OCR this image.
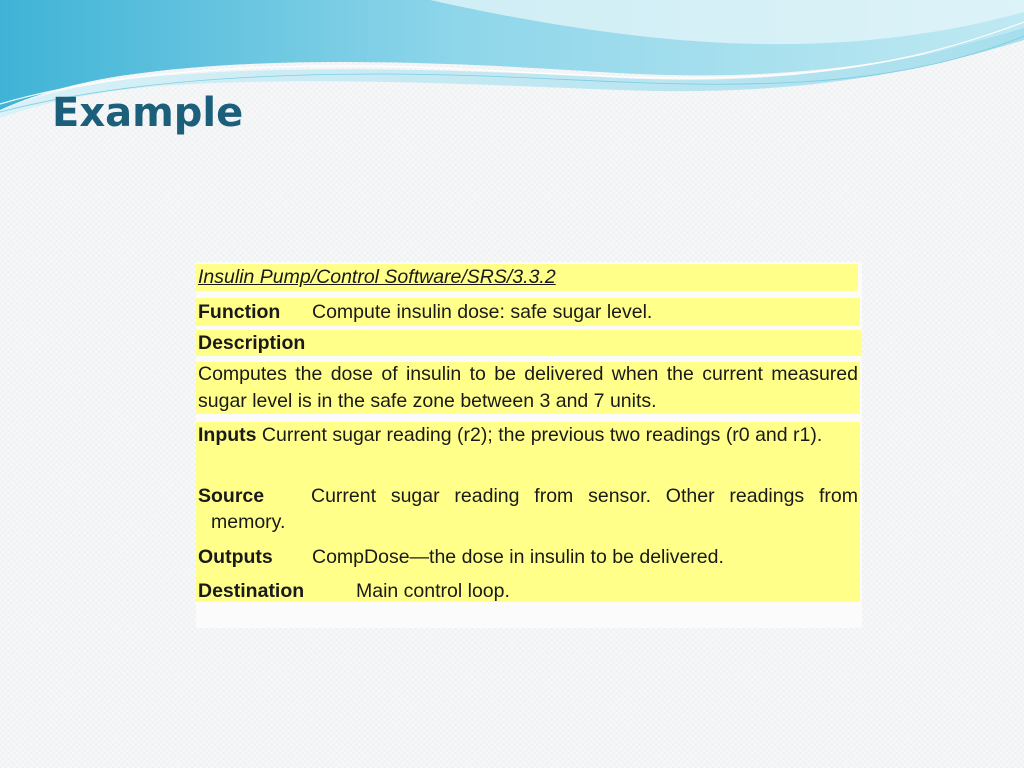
Example

Insulin Pump/Control Software/SRS/3.3.2

Function Compute insulin dose: safe sugar level.

Description

Computes the dose of insulin to be delivered when the current measured sugar level is in the safe zone between 3 and 7 units.

Inputs Current sugar reading (r2); the previous two readings (r0 and r1).

Source Current sugar reading from sensor. Other readings from memory.

Outputs CompDose—the dose in insulin to be delivered.

Destination	Main control loop.
